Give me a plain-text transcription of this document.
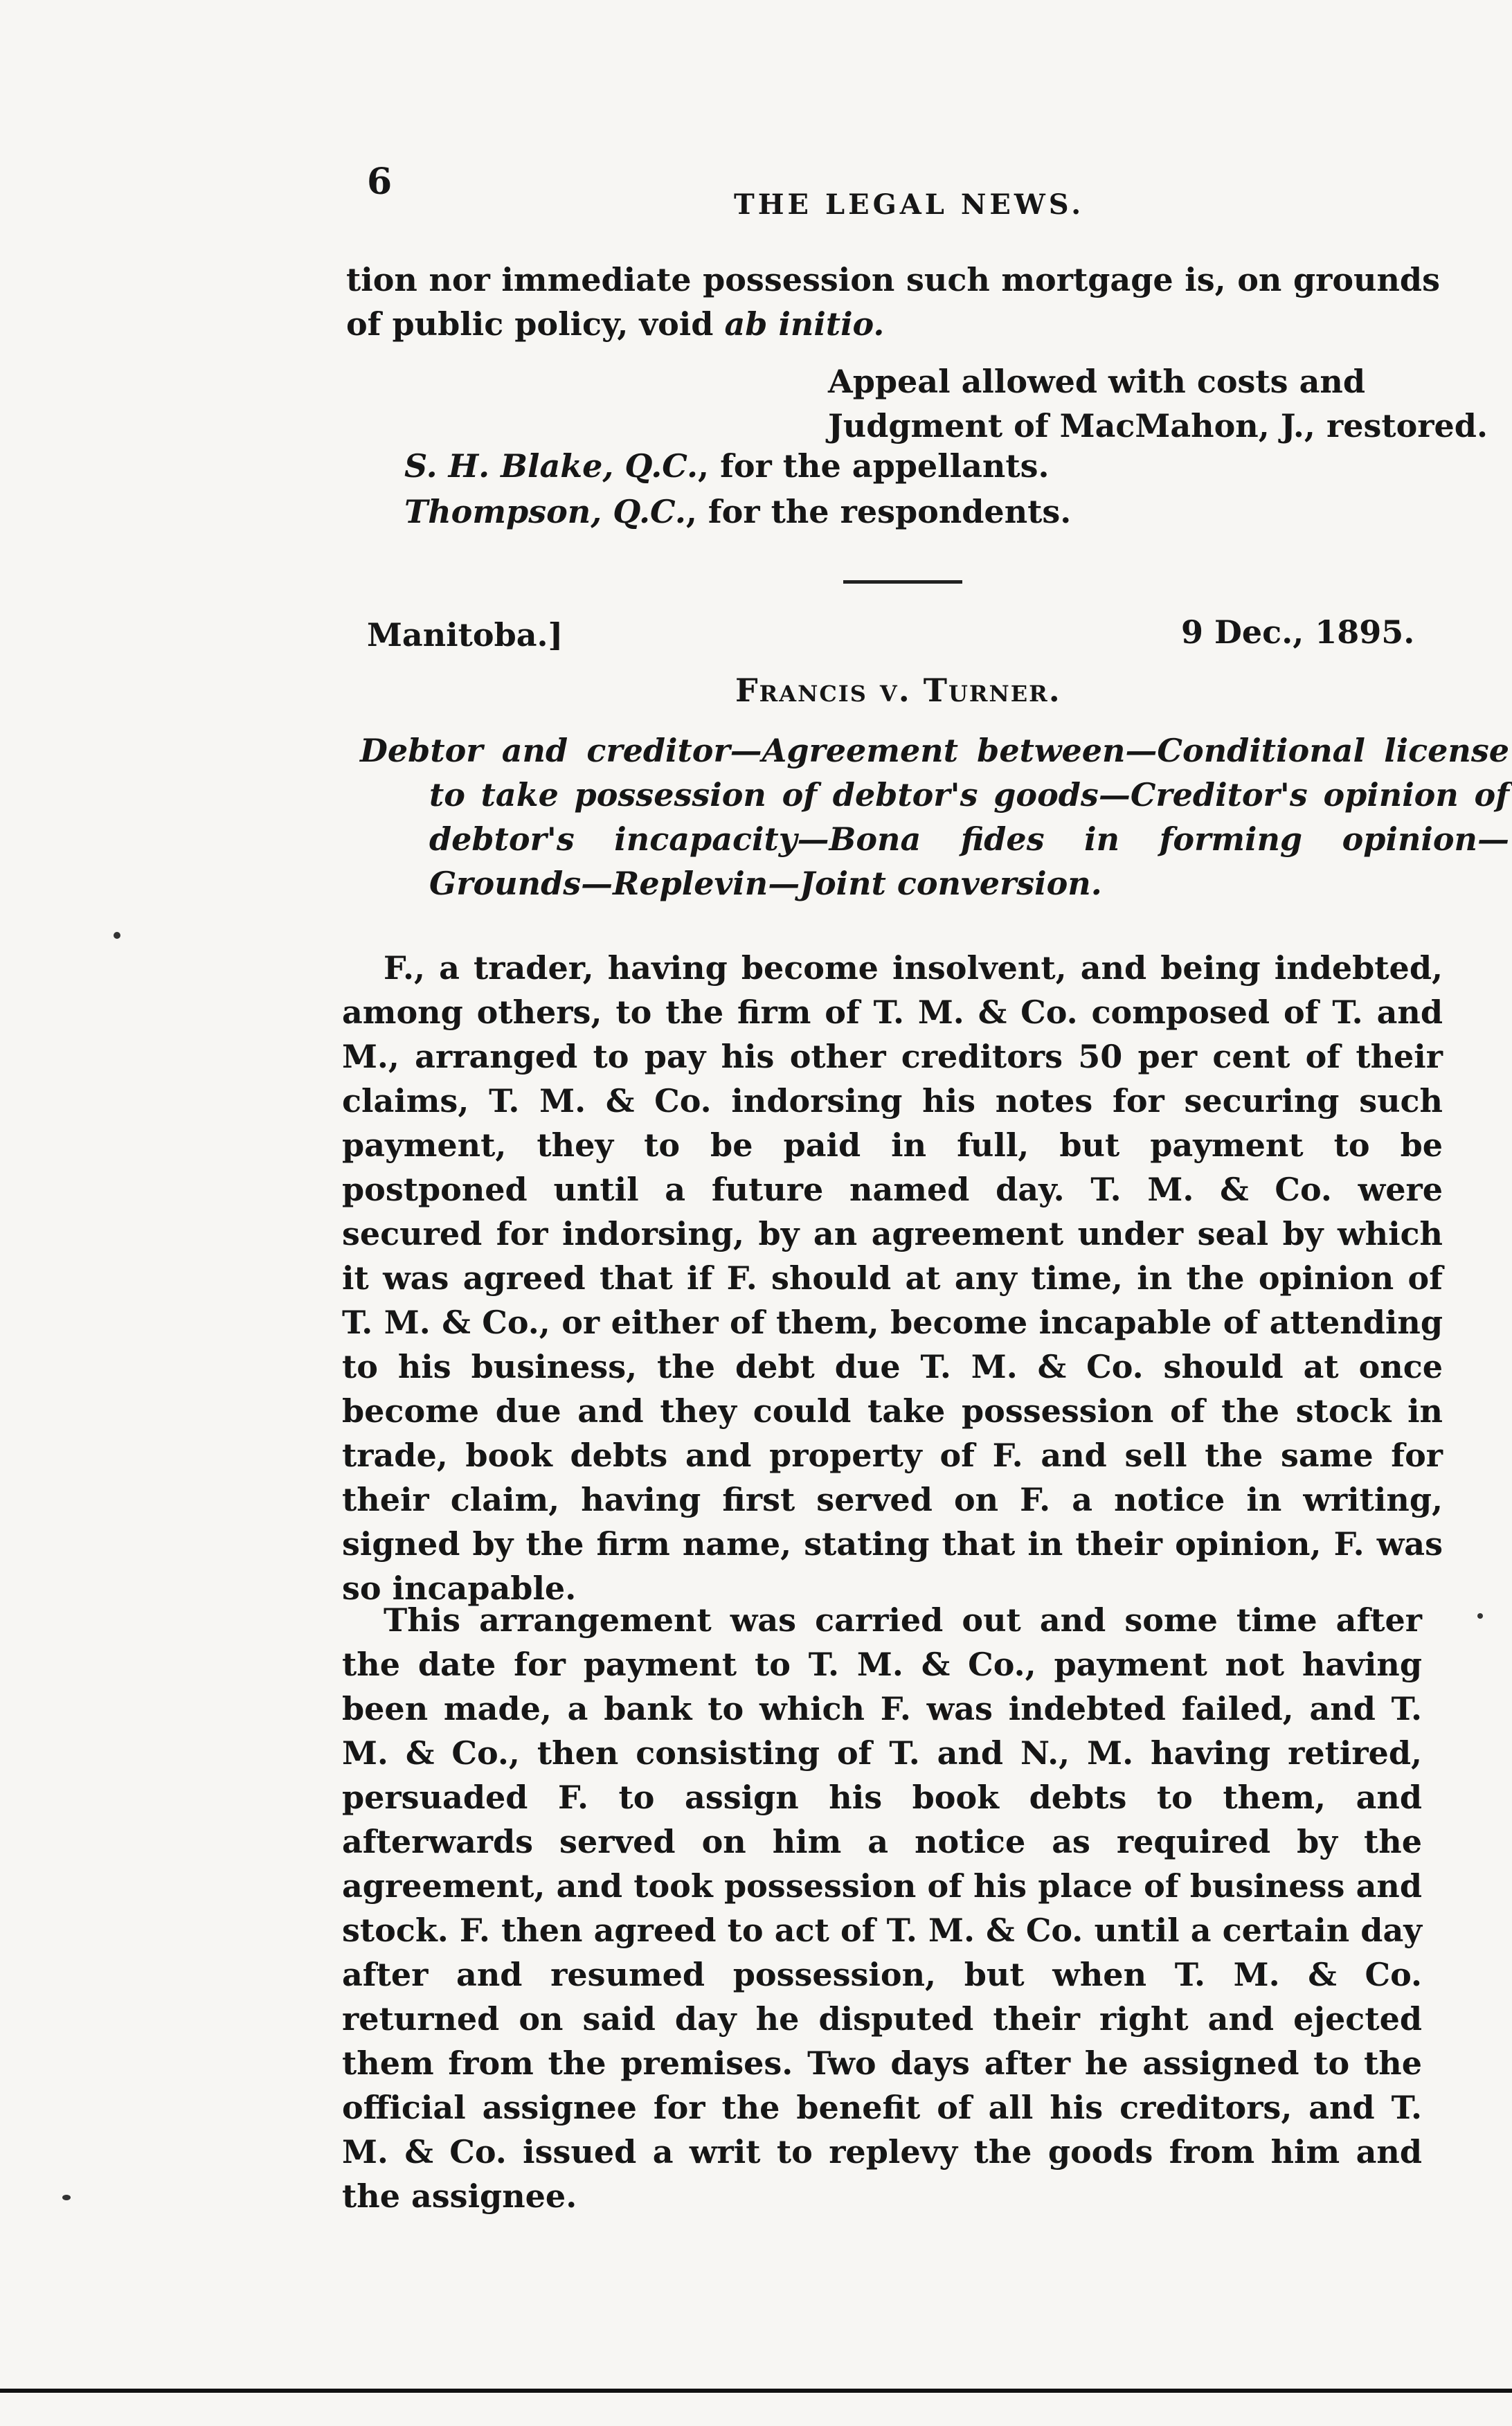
6
THE LEGAL NEWS.

tion nor immediate possession such mortgage is, on grounds of public policy, void ab initio.

Appeal allowed with costs and
Judgment of MacMahon, J., restored.
S. H. Blake, Q.C., for the appellants.
Thompson, Q.C., for the respondents.
Manitoba.]	9 Dec., 1895.
Francis v. Turner.
Debtor and creditor—Agreement between—Conditional license to take possession of debtor's goods—Creditor's opinion of debtor's incapacity—Bona fides in forming opinion—Grounds—Replevin—Joint conversion.

F., a trader, having become insolvent, and being indebted, among others, to the firm of T. M. & Co. composed of T. and M., arranged to pay his other creditors 50 per cent of their claims, T. M. & Co. indorsing his notes for securing such payment, they to be paid in full, but payment to be postponed until a future named day. T. M. & Co. were secured for indorsing, by an agreement under seal by which it was agreed that if F. should at any time, in the opinion of T. M. & Co., or either of them, become incapable of attending to his business, the debt due T. M. & Co. should at once become due and they could take possession of the stock in trade, book debts and property of F. and sell the same for their claim, having first served on F. a notice in writing, signed by the firm name, stating that in their opinion, F. was so incapable.

This arrangement was carried out and some time after the date for payment to T. M. & Co., payment not having been made, a bank to which F. was indebted failed, and T. M. & Co., then consisting of T. and N., M. having retired, persuaded F. to assign his book debts to them, and afterwards served on him a notice as required by the agreement, and took possession of his place of business and stock. F. then agreed to act of T. M. & Co. until a certain day after and resumed possession, but when T. M. & Co. returned on said day he disputed their right and ejected them from the premises. Two days after he assigned to the official assignee for the benefit of all his creditors, and T. M. & Co. issued a writ to replevy the goods from him and the assignee.
